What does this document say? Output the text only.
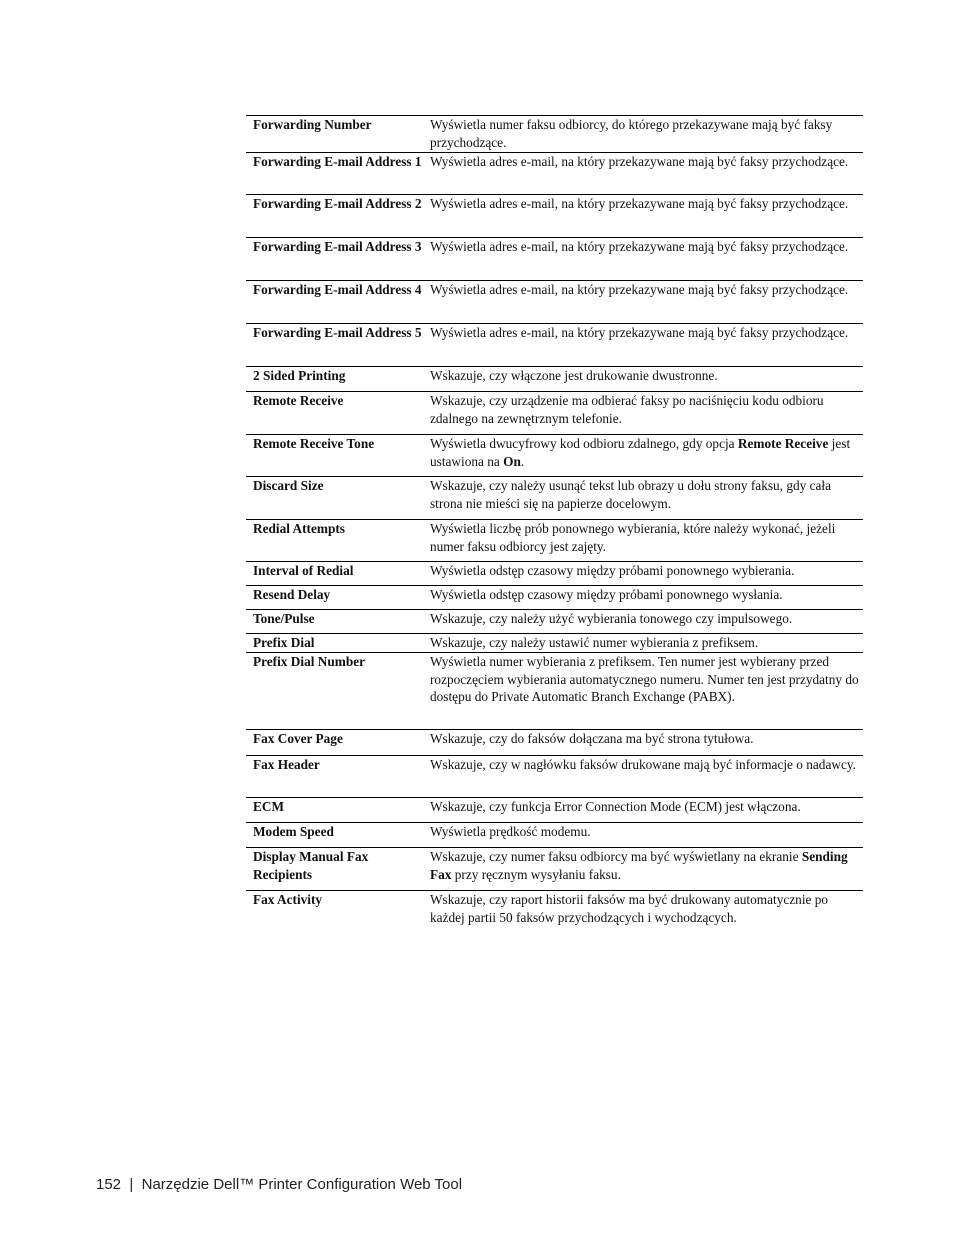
Forwarding Number	Wyświetla numer faksu odbiorcy, do którego przekazywane mają być faksy przychodzące.
Forwarding E-mail Address 1	Wyświetla adres e-mail, na który przekazywane mają być faksy przychodzące.
Forwarding E-mail Address 2	Wyświetla adres e-mail, na który przekazywane mają być faksy przychodzące.
Forwarding E-mail Address 3	Wyświetla adres e-mail, na który przekazywane mają być faksy przychodzące.
Forwarding E-mail Address 4	Wyświetla adres e-mail, na który przekazywane mają być faksy przychodzące.
Forwarding E-mail Address 5	Wyświetla adres e-mail, na który przekazywane mają być faksy przychodzące.
2 Sided Printing	Wskazuje, czy włączone jest drukowanie dwustronne.
Remote Receive	Wskazuje, czy urządzenie ma odbierać faksy po naciśnięciu kodu odbioru zdalnego na zewnętrznym telefonie.
Remote Receive Tone	Wyświetla dwucyfrowy kod odbioru zdalnego, gdy opcja Remote Receive jest ustawiona na On.
Discard Size	Wskazuje, czy należy usunąć tekst lub obrazy u dołu strony faksu, gdy cała strona nie mieści się na papierze docelowym.
Redial Attempts	Wyświetla liczbę prób ponownego wybierania, które należy wykonać, jeżeli numer faksu odbiorcy jest zajęty.
Interval of Redial	Wyświetla odstęp czasowy między próbami ponownego wybierania.
Resend Delay	Wyświetla odstęp czasowy między próbami ponownego wysłania.
Tone/Pulse	Wskazuje, czy należy użyć wybierania tonowego czy impulsowego.
Prefix Dial	Wskazuje, czy należy ustawić numer wybierania z prefiksem.
Prefix Dial Number	Wyświetla numer wybierania z prefiksem. Ten numer jest wybierany przed rozpoczęciem wybierania automatycznego numeru. Numer ten jest przydatny do dostępu do Private Automatic Branch Exchange (PABX).
Fax Cover Page	Wskazuje, czy do faksów dołączana ma być strona tytułowa.
Fax Header	Wskazuje, czy w nagłówku faksów drukowane mają być informacje o nadawcy.
ECM	Wskazuje, czy funkcja Error Connection Mode (ECM) jest włączona.
Modem Speed	Wyświetla prędkość modemu.
Display Manual Fax Recipients	Wskazuje, czy numer faksu odbiorcy ma być wyświetlany na ekranie Sending Fax przy ręcznym wysyłaniu faksu.
Fax Activity	Wskazuje, czy raport historii faksów ma być drukowany automatycznie po każdej partii 50 faksów przychodzących i wychodzących.
152 | Narzędzie Dell™ Printer Configuration Web Tool
